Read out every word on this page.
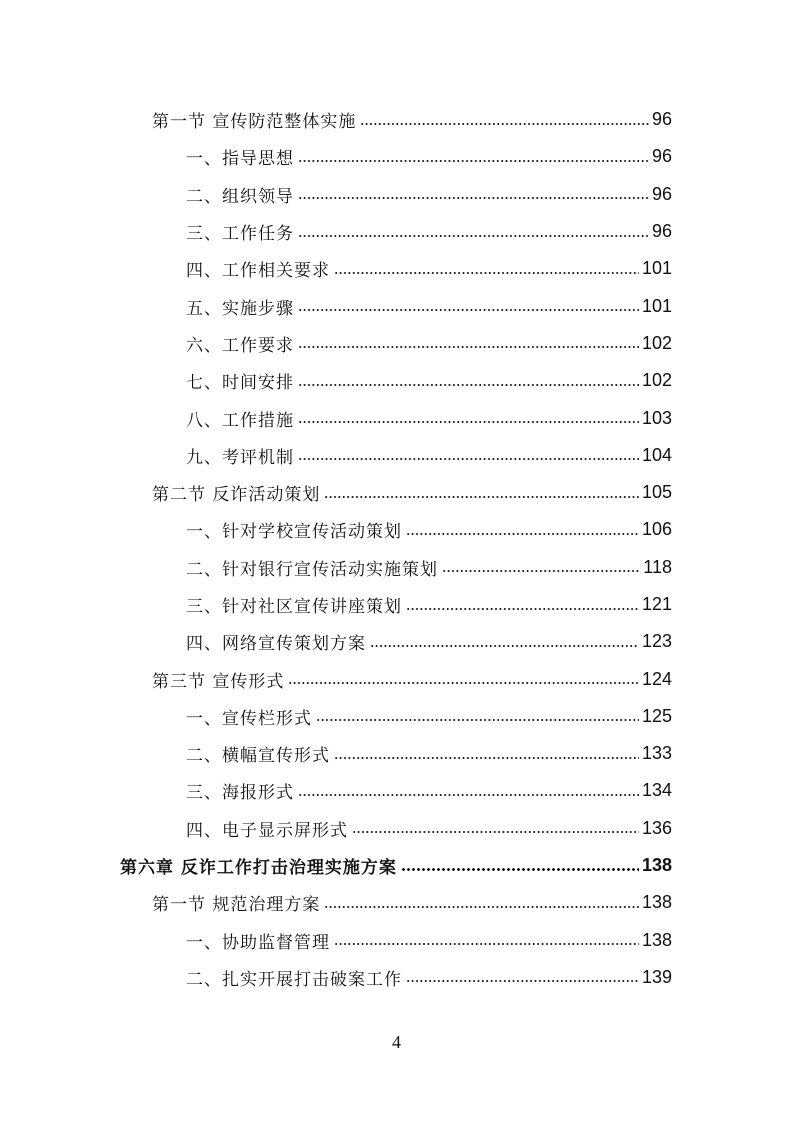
第一节 宣传防范整体实施	96
一、指导思想	96
二、组织领导	96
三、工作任务	96
四、工作相关要求	101
五、实施步骤	101
六、工作要求	102
七、时间安排	102
八、工作措施	103
九、考评机制	104
第二节 反诈活动策划	105
一、针对学校宣传活动策划	106
二、针对银行宣传活动实施策划	118
三、针对社区宣传讲座策划	121
四、网络宣传策划方案	123
第三节 宣传形式	124
一、宣传栏形式	125
二、横幅宣传形式	133
三、海报形式	134
四、电子显示屏形式	136
第六章 反诈工作打击治理实施方案	138
第一节 规范治理方案	138
一、协助监督管理	138
二、扎实开展打击破案工作	139
4
